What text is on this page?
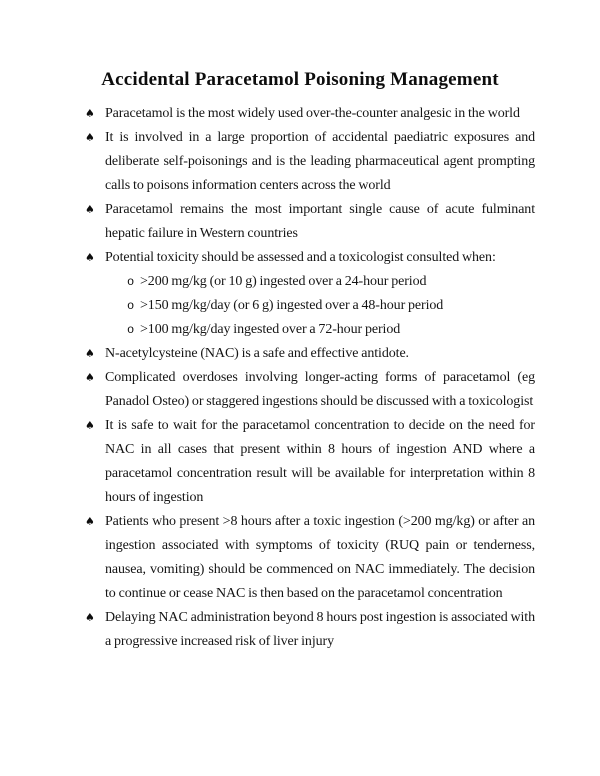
Accidental Paracetamol Poisoning Management
♠ Paracetamol is the most widely used over-the-counter analgesic in the world
♠ It is involved in a large proportion of accidental paediatric exposures and deliberate self-poisonings and is the leading pharmaceutical agent prompting calls to poisons information centers across the world
♠ Paracetamol remains the most important single cause of acute fulminant hepatic failure in Western countries
♠ Potential toxicity should be assessed and a toxicologist consulted when:
o >200 mg/kg (or 10 g) ingested over a 24-hour period
o >150 mg/kg/day (or 6 g) ingested over a 48-hour period
o >100 mg/kg/day ingested over a 72-hour period
♠ N-acetylcysteine (NAC) is a safe and effective antidote.
♠ Complicated overdoses involving longer-acting forms of paracetamol (eg Panadol Osteo) or staggered ingestions should be discussed with a toxicologist
♠ It is safe to wait for the paracetamol concentration to decide on the need for NAC in all cases that present within 8 hours of ingestion AND where a paracetamol concentration result will be available for interpretation within 8 hours of ingestion
♠ Patients who present >8 hours after a toxic ingestion (>200 mg/kg) or after an ingestion associated with symptoms of toxicity (RUQ pain or tenderness, nausea, vomiting) should be commenced on NAC immediately. The decision to continue or cease NAC is then based on the paracetamol concentration
♠ Delaying NAC administration beyond 8 hours post ingestion is associated with a progressive increased risk of liver injury
